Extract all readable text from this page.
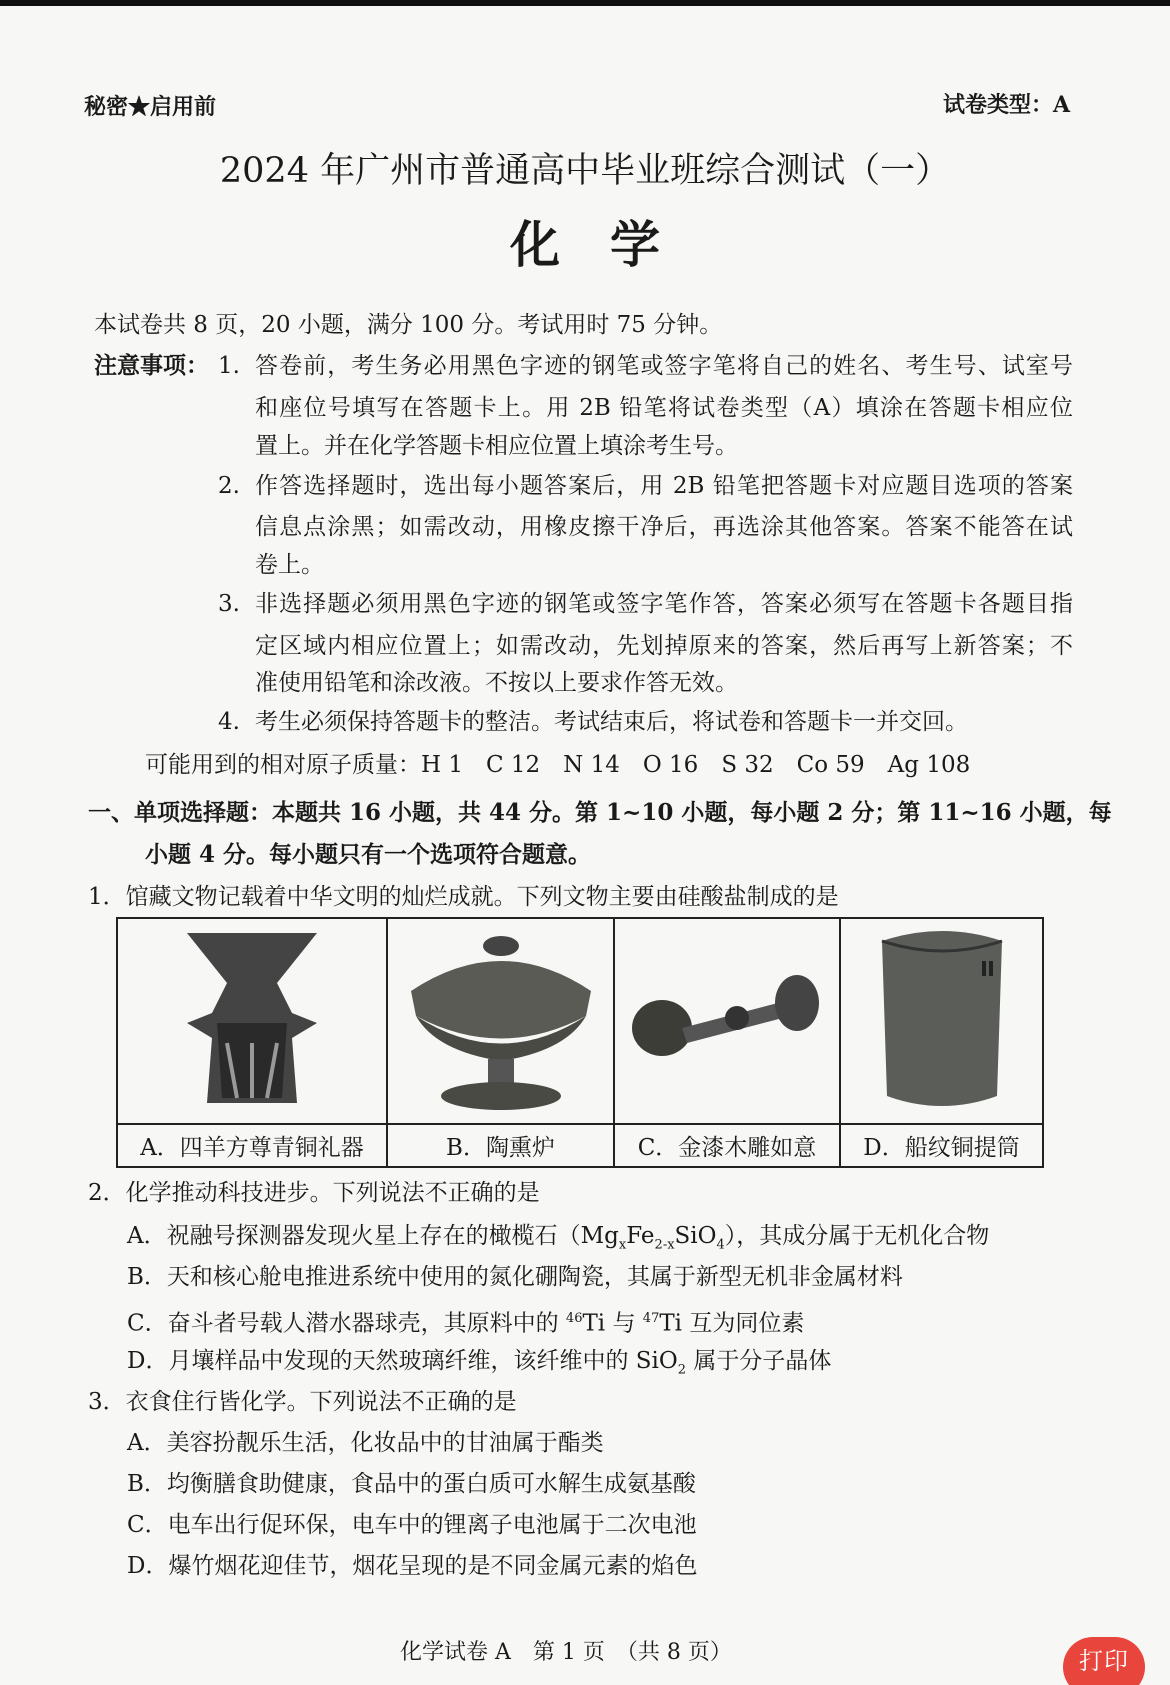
秘密★启用前	试卷类型：A
2024 年广州市普通高中毕业班综合测试（一）
化　学
本试卷共 8 页，20 小题，满分 100 分。考试用时 75 分钟。
注意事项： 1. 答卷前，考生务必用黑色字迹的钢笔或签字笔将自己的姓名、考生号、试室号
和座位号填写在答题卡上。用 2B 铅笔将试卷类型（A）填涂在答题卡相应位
置上。并在化学答题卡相应位置上填涂考生号。
2. 作答选择题时，选出每小题答案后，用 2B 铅笔把答题卡对应题目选项的答案
信息点涂黑；如需改动，用橡皮擦干净后，再选涂其他答案。答案不能答在试
卷上。
3. 非选择题必须用黑色字迹的钢笔或签字笔作答，答案必须写在答题卡各题目指
定区域内相应位置上；如需改动，先划掉原来的答案，然后再写上新答案；不
准使用铅笔和涂改液。不按以上要求作答无效。
4. 考生必须保持答题卡的整洁。考试结束后，将试卷和答题卡一并交回。
可能用到的相对原子质量：H 1　C 12　N 14　O 16　S 32　Co 59　Ag 108
一、单项选择题：本题共 16 小题，共 44 分。第 1~10 小题，每小题 2 分；第 11~16 小题，每
小题 4 分。每小题只有一个选项符合题意。
1．馆藏文物记载着中华文明的灿烂成就。下列文物主要由硅酸盐制成的是

A．四羊方尊青铜礼器	B．陶熏炉	C．金漆木雕如意	D．船纹铜提筒
2．化学推动科技进步。下列说法不正确的是
A．祝融号探测器发现火星上存在的橄榄石$(Mg_xFe_{2-x}SiO_4)$，其成分属于无机化合物
B．天和核心舱电推进系统中使用的氮化硼陶瓷，其属于新型无机非金属材料
C．奋斗者号载人潜水器球壳，其原料中的 $^{46}$Ti 与 $^{47}$Ti 互为同位素
D．月壤样品中发现的天然玻璃纤维，该纤维中的 SiO$_2$ 属于分子晶体
3．衣食住行皆化学。下列说法不正确的是
A．美容扮靓乐生活，化妆品中的甘油属于酯类
B．均衡膳食助健康，食品中的蛋白质可水解生成氨基酸
C．电车出行促环保，电车中的锂离子电池属于二次电池
D．爆竹烟花迎佳节，烟花呈现的是不同金属元素的焰色
化学试卷 A　第 1 页　（共 8 页）	打印
